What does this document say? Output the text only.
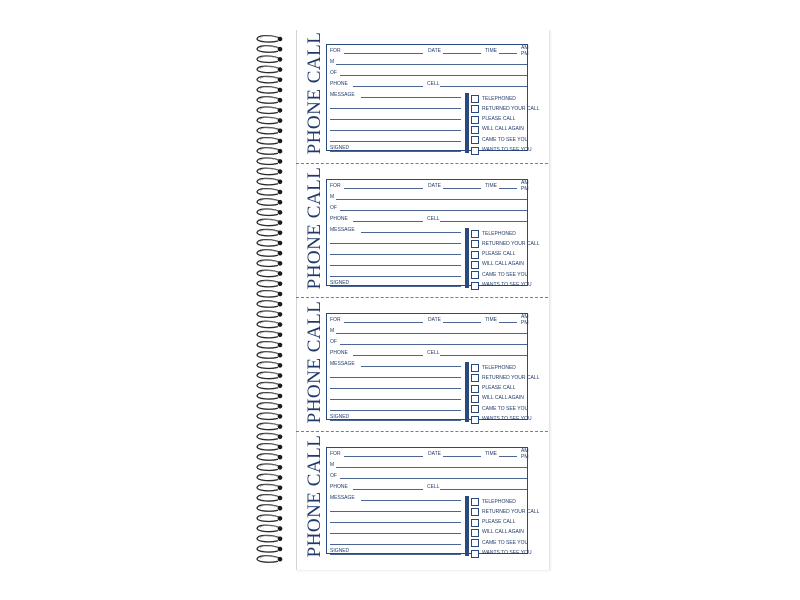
PHONE CALL FOR	DATE	TIME	AM
PM
M
OF
PHONE	CELL
MESSAGE
SIGNED
TELEPHONED
RETURNED YOUR CALL
PLEASE CALL
WILL CALL AGAIN
CAME TO SEE YOU
WANTS TO SEE YOU
PHONE CALL FOR	DATE	TIME	AM
PM
M
OF
PHONE	CELL
MESSAGE
SIGNED
TELEPHONED
RETURNED YOUR CALL
PLEASE CALL
WILL CALL AGAIN
CAME TO SEE YOU
WANTS TO SEE YOU
PHONE CALL FOR	DATE	TIME	AM
PM
M
OF
PHONE	CELL
MESSAGE
SIGNED
TELEPHONED
RETURNED YOUR CALL
PLEASE CALL
WILL CALL AGAIN
CAME TO SEE YOU
WANTS TO SEE YOU
PHONE CALL FOR	DATE	TIME	AM
PM
M
OF
PHONE	CELL
MESSAGE
SIGNED
TELEPHONED
RETURNED YOUR CALL
PLEASE CALL
WILL CALL AGAIN
CAME TO SEE YOU
WANTS TO SEE YOU
